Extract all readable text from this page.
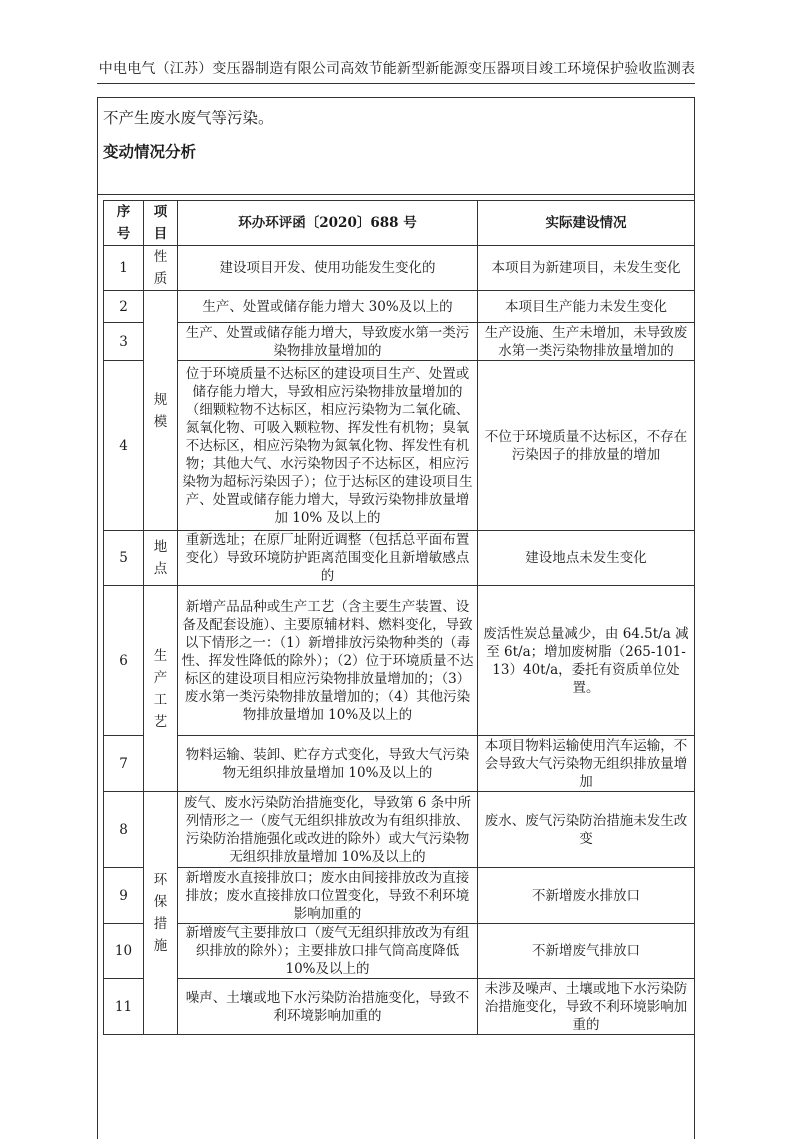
中电电气（江苏）变压器制造有限公司高效节能新型新能源变压器项目竣工环境保护验收监测表
不产生废水废气等污染。
变动情况分析
序号	项目	环办环评函〔2020〕688 号	实际建设情况
1	性质	建设项目开发、使用功能发生变化的	本项目为新建项目，未发生变化
2	规模	生产、处置或储存能力增大 30%及以上的	本项目生产能力未发生变化
3		生产、处置或储存能力增大，导致废水第一类污染物排放量增加的	生产设施、生产未增加，未导致废水第一类污染物排放量增加的
4		位于环境质量不达标区的建设项目生产、处置或储存能力增大，导致相应污染物排放量增加的（细颗粒物不达标区，相应污染物为二氧化硫、氮氧化物、可吸入颗粒物、挥发性有机物；臭氧不达标区，相应污染物为氮氧化物、挥发性有机物；其他大气、水污染物因子不达标区，相应污染物为超标污染因子）；位于达标区的建设项目生产、处置或储存能力增大，导致污染物排放量增加 10% 及以上的	不位于环境质量不达标区，不存在污染因子的排放量的增加
5	地点	重新选址；在原厂址附近调整（包括总平面布置变化）导致环境防护距离范围变化且新增敏感点的	建设地点未发生变化
6	生产工艺	新增产品品种或生产工艺（含主要生产装置、设备及配套设施）、主要原辅材料、燃料变化，导致以下情形之一：（1）新增排放污染物种类的（毒性、挥发性降低的除外）；（2）位于环境质量不达标区的建设项目相应污染物排放量增加的；（3）废水第一类污染物排放量增加的；（4）其他污染物排放量增加 10%及以上的	废活性炭总量减少，由 64.5t/a 减至 6t/a；增加废树脂（265-101-13）40t/a，委托有资质单位处置。
7		物料运输、装卸、贮存方式变化，导致大气污染物无组织排放量增加 10%及以上的	本项目物料运输使用汽车运输，不会导致大气污染物无组织排放量增加
8	环保措施	废气、废水污染防治措施变化，导致第 6 条中所列情形之一（废气无组织排放改为有组织排放、污染防治措施强化或改进的除外）或大气污染物无组织排放量增加 10%及以上的	废水、废气污染防治措施未发生改变
9		新增废水直接排放口；废水由间接排放改为直接排放；废水直接排放口位置变化，导致不利环境影响加重的	不新增废水排放口
10		新增废气主要排放口（废气无组织排放改为有组织排放的除外）；主要排放口排气筒高度降低 10%及以上的	不新增废气排放口
11		噪声、土壤或地下水污染防治措施变化，导致不利环境影响加重的	未涉及噪声、土壤或地下水污染防治措施变化，导致不利环境影响加重的
